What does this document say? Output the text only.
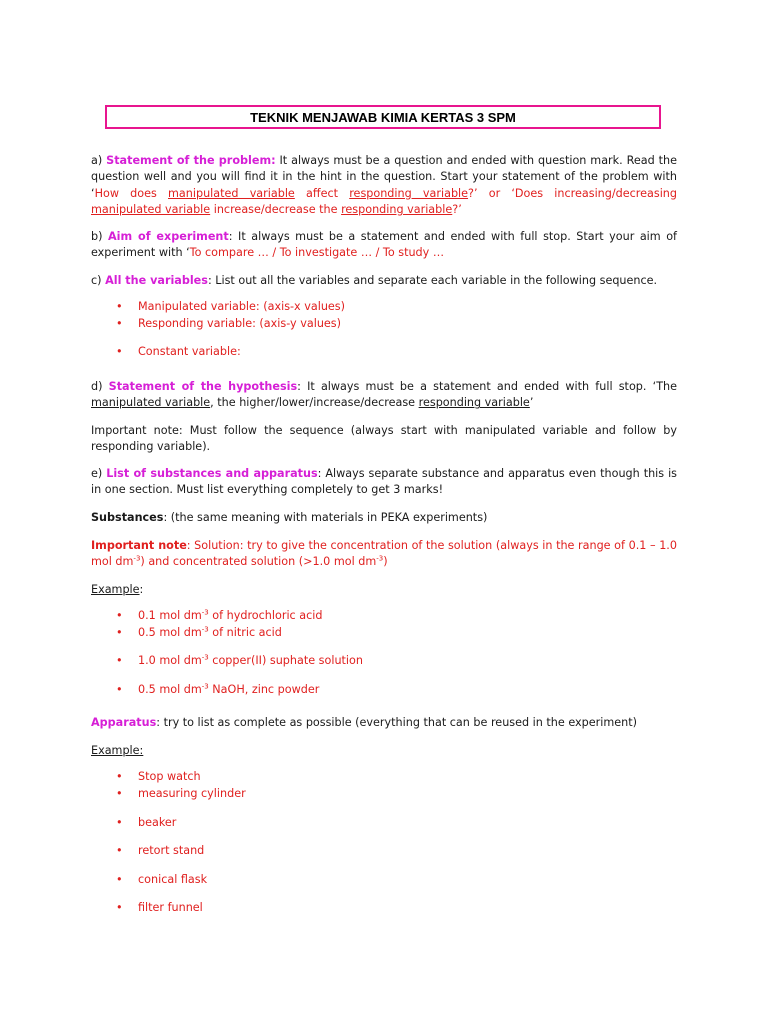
TEKNIK MENJAWAB KIMIA KERTAS 3 SPM

a) Statement of the problem: It always must be a question and ended with question mark. Read the question well and you will find it in the hint in the question. Start your statement of the problem with ‘How does manipulated variable affect responding variable?’ or ‘Does increasing/decreasing manipulated variable increase/decrease the responding variable?’

b) Aim of experiment: It always must be a statement and ended with full stop. Start your aim of experiment with ‘To compare … / To investigate … / To study …

c) All the variables: List out all the variables and separate each variable in the following sequence.

• Manipulated variable: (axis-x values)
• Responding variable: (axis-y values)
• Constant variable:

d) Statement of the hypothesis: It always must be a statement and ended with full stop. ‘The manipulated variable, the higher/lower/increase/decrease responding variable’

Important note: Must follow the sequence (always start with manipulated variable and follow by responding variable).

e) List of substances and apparatus: Always separate substance and apparatus even though this is in one section. Must list everything completely to get 3 marks!

Substances: (the same meaning with materials in PEKA experiments)

Important note: Solution: try to give the concentration of the solution (always in the range of 0.1 – 1.0 mol $dm^{-3}$) and concentrated solution (>1.0 mol $dm^{-3}$)

Example:

• 0.1 mol $dm^{-3}$ of hydrochloric acid
• 0.5 mol $dm^{-3}$ of nitric acid
• 1.0 mol $dm^{-3}$ copper(II) suphate solution
• 0.5 mol $dm^{-3}$ NaOH, zinc powder

Apparatus: try to list as complete as possible (everything that can be reused in the experiment)

Example:

• Stop watch
• measuring cylinder
• beaker
• retort stand
• conical flask
• filter funnel
